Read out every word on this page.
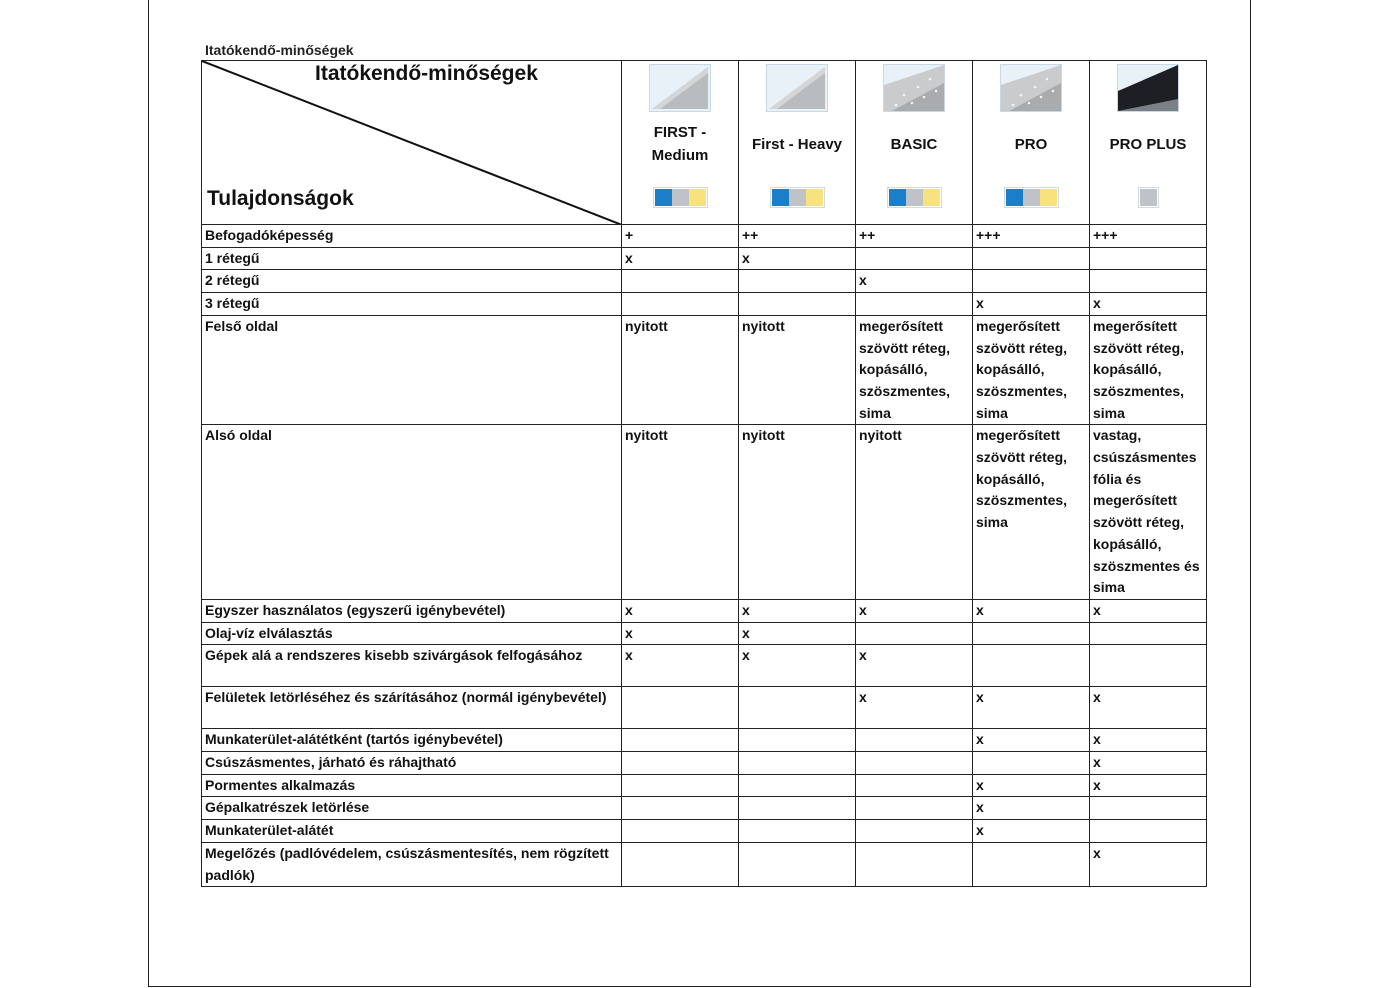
Itatókendő-minőségek
Itatókendő-minőségek
Tulajdonságok	FIRST - Medium	First - Heavy	BASIC	PRO	PRO PLUS

Befogadóképesség	+	++	++	+++	+++
1 rétegű	x	x			
2 rétegű			x		
3 rétegű				x	x
Felső oldal	nyitott	nyitott	megerősített szövött réteg, kopásálló, szöszmentes, sima	megerősített szövött réteg, kopásálló, szöszmentes, sima	megerősített szövött réteg, kopásálló, szöszmentes, sima
Alsó oldal	nyitott	nyitott	nyitott	megerősített szövött réteg, kopásálló, szöszmentes, sima	vastag, csúszásmentes fólia és megerősített szövött réteg, kopásálló, szöszmentes és sima
Egyszer használatos (egyszerű igénybevétel)	x	x	x	x	x
Olaj-víz elválasztás	x	x			
Gépek alá a rendszeres kisebb szivárgások felfogásához	x	x	x		
Felületek letörléséhez és szárításához (normál igénybevétel)			x	x	x
Munkaterület-alátétként (tartós igénybevétel)				x	x
Csúszásmentes, járható és ráhajtható					x
Pormentes alkalmazás				x	x
Gépalkatrészek letörlése				x	
Munkaterület-alátét				x	
Megelőzés (padlóvédelem, csúszásmentesítés, nem rögzített padlók)					x
